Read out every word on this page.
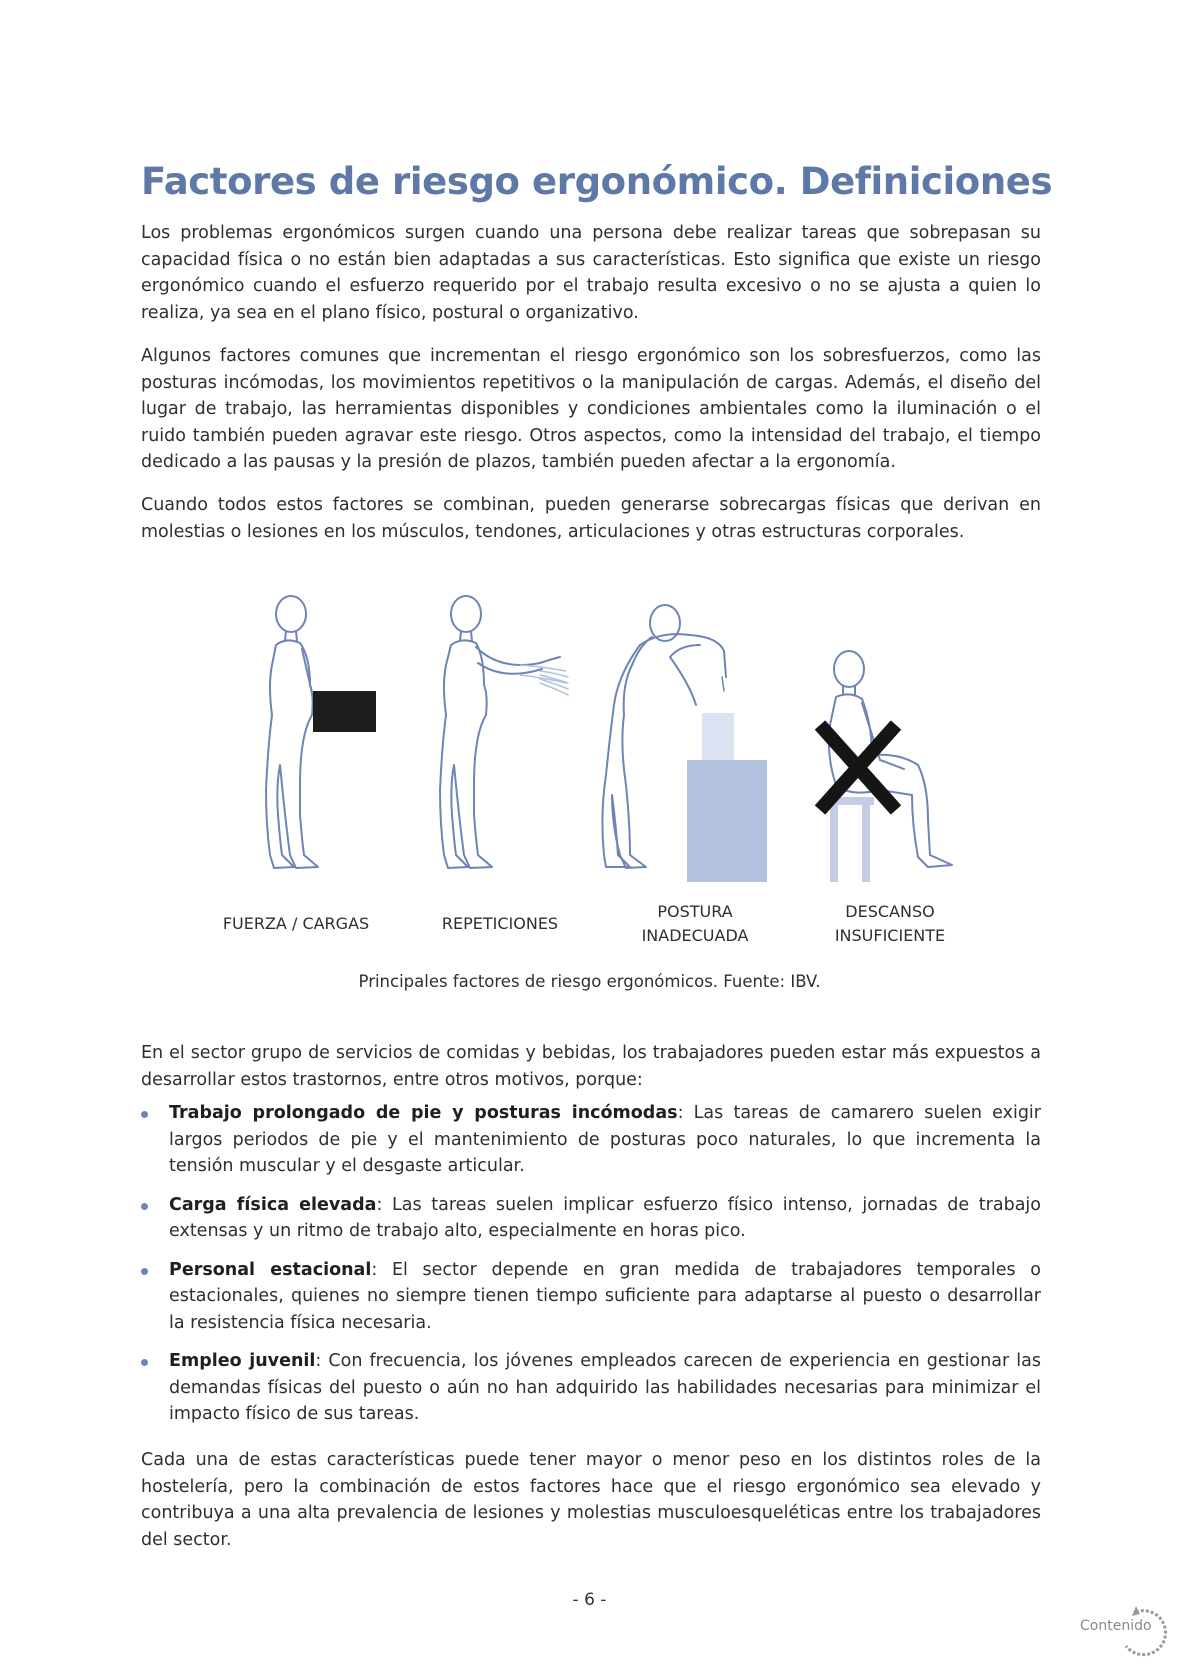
Factores de riesgo ergonómico. Definiciones

Los problemas ergonómicos surgen cuando una persona debe realizar tareas que sobrepasan su capacidad física o no están bien adaptadas a sus características. Esto significa que existe un riesgo ergonómico cuando el esfuerzo requerido por el trabajo resulta excesivo o no se ajusta a quien lo realiza, ya sea en el plano físico, postural o organizativo.

Algunos factores comunes que incrementan el riesgo ergonómico son los sobresfuerzos, como las posturas incómodas, los movimientos repetitivos o la manipulación de cargas. Además, el diseño del lugar de trabajo, las herramientas disponibles y condiciones ambientales como la iluminación o el ruido también pueden agravar este riesgo. Otros aspectos, como la intensidad del trabajo, el tiempo dedicado a las pausas y la presión de plazos, también pueden afectar a la ergonomía.

Cuando todos estos factores se combinan, pueden generarse sobrecargas físicas que derivan en molestias o lesiones en los músculos, tendones, articulaciones y otras estructuras corporales.

FUERZA / CARGAS	REPETICIONES
POSTURA
INADECUADA
DESCANSO
INSUFICIENTE
Principales factores de riesgo ergonómicos. Fuente: IBV.

En el sector grupo de servicios de comidas y bebidas, los trabajadores pueden estar más expuestos a desarrollar estos trastornos, entre otros motivos, porque:

Trabajo prolongado de pie y posturas incómodas: Las tareas de camarero suelen exigir largos periodos de pie y el mantenimiento de posturas poco naturales, lo que incrementa la tensión muscular y el desgaste articular.
Carga física elevada: Las tareas suelen implicar esfuerzo físico intenso, jornadas de trabajo extensas y un ritmo de trabajo alto, especialmente en horas pico.
Personal estacional: El sector depende en gran medida de trabajadores temporales o estacionales, quienes no siempre tienen tiempo suficiente para adaptarse al puesto o desarrollar la resistencia física necesaria.
Empleo juvenil: Con frecuencia, los jóvenes empleados carecen de experiencia en gestionar las demandas físicas del puesto o aún no han adquirido las habilidades necesarias para minimizar el impacto físico de sus tareas.

Cada una de estas características puede tener mayor o menor peso en los distintos roles de la hostelería, pero la combinación de estos factores hace que el riesgo ergonómico sea elevado y contribuya a una alta prevalencia de lesiones y molestias musculoesqueléticas entre los trabajadores del sector.

- 6 -
Contenido
